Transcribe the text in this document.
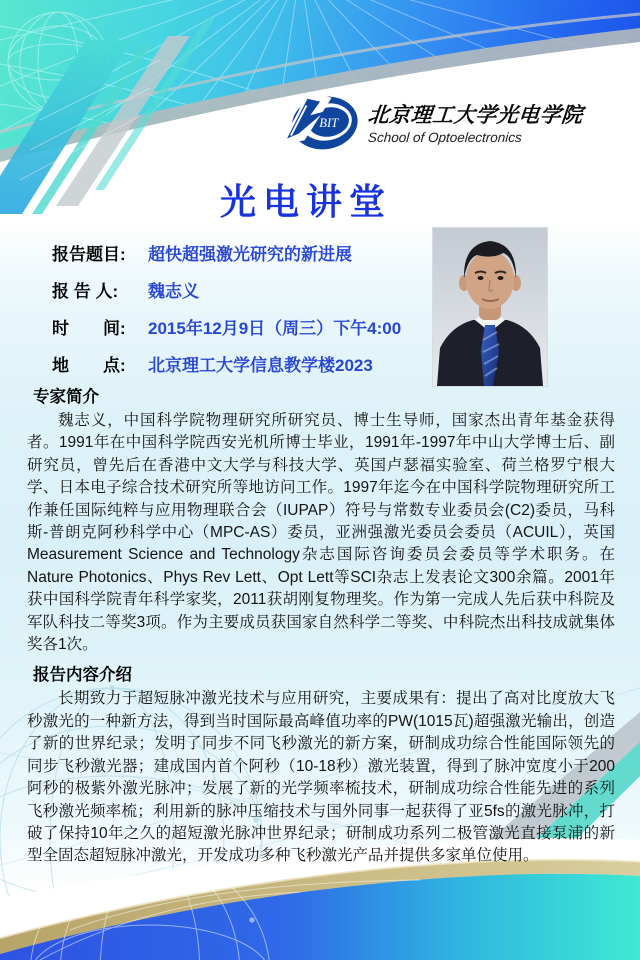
BIT 北京理工大学光电学院
School of Optoelectronics
光电讲堂
报告题目:	超快超强激光研究的新进展
报 告 人:	魏志义
时　　间:	2015年12月9日（周三）下午4:00
地　　点:	北京理工大学信息教学楼2023
专家简介

魏志义，中国科学院物理研究所研究员、博士生导师，国家杰出青年基金获得者。1991年在中国科学院西安光机所博士毕业，1991年-1997年中山大学博士后、副研究员，曾先后在香港中文大学与科技大学、英国卢瑟福实验室、荷兰格罗宁根大学、日本电子综合技术研究所等地访问工作。1997年迄今在中国科学院物理研究所工作兼任国际纯粹与应用物理联合会（IUPAP）符号与常数专业委员会(C2)委员，马科斯-普朗克阿秒科学中心（MPC-AS）委员，亚洲强激光委员会委员（ACUIL），英国Measurement Science and Technology杂志国际咨询委员会委员等学术职务。在Nature Photonics、Phys Rev Lett、Opt Lett等SCI杂志上发表论文300余篇。2001年获中国科学院青年科学家奖，2011获胡刚复物理奖。作为第一完成人先后获中科院及军队科技二等奖3项。作为主要成员获国家自然科学二等奖、中科院杰出科技成就集体奖各1次。

报告内容介绍

长期致力于超短脉冲激光技术与应用研究，主要成果有：提出了高对比度放大飞秒激光的一种新方法，得到当时国际最高峰值功率的PW(1015瓦)超强激光输出，创造了新的世界纪录；发明了同步不同飞秒激光的新方案，研制成功综合性能国际领先的同步飞秒激光器；建成国内首个阿秒（10-18秒）激光装置，得到了脉冲宽度小于200阿秒的极紫外激光脉冲；发展了新的光学频率梳技术，研制成功综合性能先进的系列飞秒激光频率梳；利用新的脉冲压缩技术与国外同事一起获得了亚5fs的激光脉冲，打破了保持10年之久的超短激光脉冲世界纪录；研制成功系列二极管激光直接泵浦的新型全固态超短脉冲激光，开发成功多种飞秒激光产品并提供多家单位使用。
